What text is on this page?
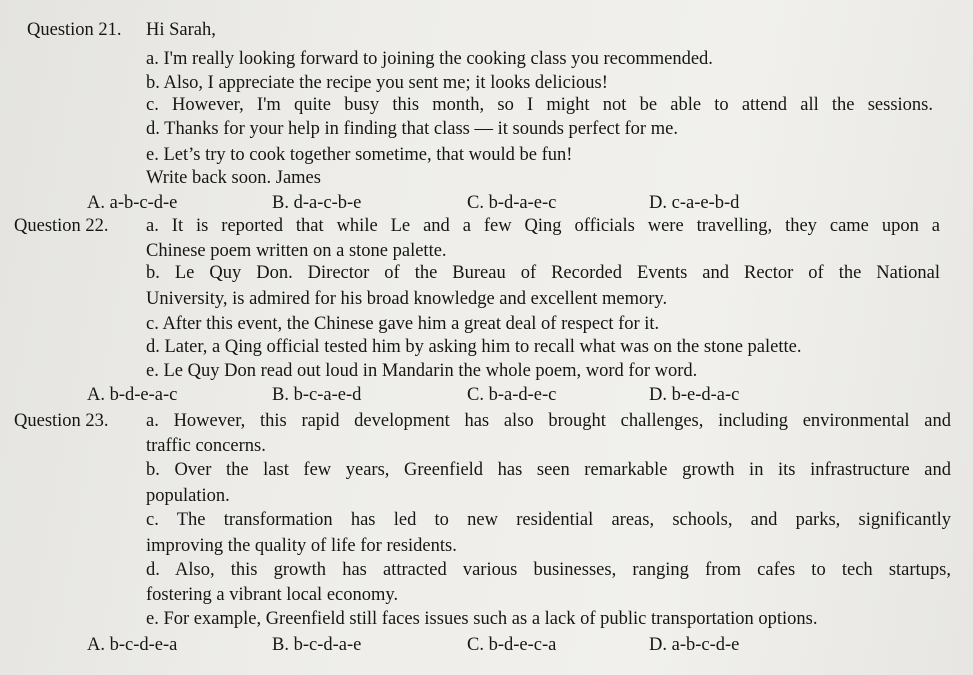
Question 21. Hi Sarah,
a. I'm really looking forward to joining the cooking class you recommended.
b. Also, I appreciate the recipe you sent me; it looks delicious!
c. However, I'm quite busy this month, so I might not be able to attend all the sessions.
d. Thanks for your help in finding that class — it sounds perfect for me.
e. Let’s try to cook together sometime, that would be fun!
Write back soon. James
A. a-b-c-d-e	B. d-a-c-b-e	C. b-d-a-e-c	D. c-a-e-b-d
Question 22. a. It is reported that while Le and a few Qing officials were travelling, they came upon a
Chinese poem written on a stone palette.
b. Le Quy Don. Director of the Bureau of Recorded Events and Rector of the National
University, is admired for his broad knowledge and excellent memory.
c. After this event, the Chinese gave him a great deal of respect for it.
d. Later, a Qing official tested him by asking him to recall what was on the stone palette.
e. Le Quy Don read out loud in Mandarin the whole poem, word for word.
A. b-d-e-a-c	B. b-c-a-e-d	C. b-a-d-e-c	D. b-e-d-a-c
Question 23. a. However, this rapid development has also brought challenges, including environmental and
traffic concerns.
b. Over the last few years, Greenfield has seen remarkable growth in its infrastructure and
population.
c. The transformation has led to new residential areas, schools, and parks, significantly
improving the quality of life for residents.
d. Also, this growth has attracted various businesses, ranging from cafes to tech startups,
fostering a vibrant local economy.
e. For example, Greenfield still faces issues such as a lack of public transportation options.
A. b-c-d-e-a	B. b-c-d-a-e	C. b-d-e-c-a	D. a-b-c-d-e
